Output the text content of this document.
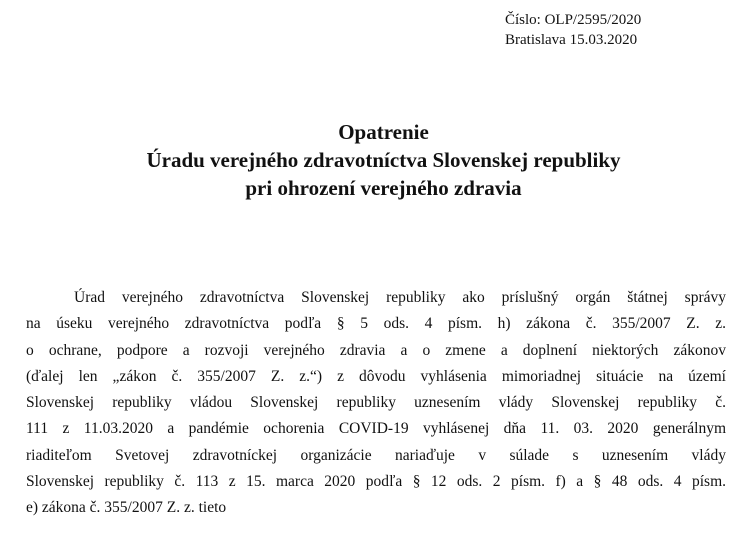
Číslo: OLP/2595/2020
Bratislava 15.03.2020
Opatrenie
Úradu verejného zdravotníctva Slovenskej republiky
pri ohrození verejného zdravia
Úrad verejného zdravotníctva Slovenskej republiky ako príslušný orgán štátnej správy
na úseku verejného zdravotníctva podľa § 5 ods. 4 písm. h) zákona č. 355/2007 Z. z.
o ochrane, podpore a rozvoji verejného zdravia a o zmene a doplnení niektorých zákonov
(ďalej len „zákon č. 355/2007 Z. z.“) z dôvodu vyhlásenia mimoriadnej situácie na území
Slovenskej republiky vládou Slovenskej republiky uznesením vlády Slovenskej republiky č.
111 z 11.03.2020 a pandémie ochorenia COVID-19 vyhlásenej dňa 11. 03. 2020 generálnym
riaditeľom Svetovej zdravotníckej organizácie nariaďuje v súlade s uznesením vlády
Slovenskej republiky č. 113 z 15. marca 2020 podľa § 12 ods. 2 písm. f) a § 48 ods. 4 písm.
e) zákona č. 355/2007 Z. z. tieto
